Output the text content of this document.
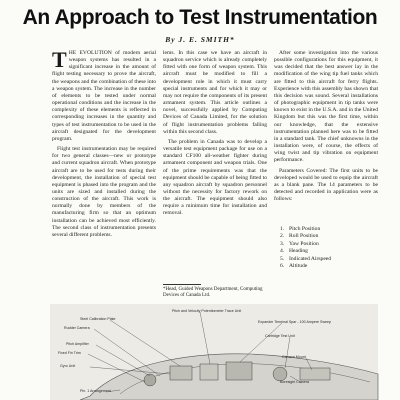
An Approach to Test Instrumentation
By J. E. SMITH*

THE EVOLUTION of modern aerial weapon systems has resulted in a significant increase in the amount of flight testing necessary to prove the aircraft, the weapons and the combination of these into a weapon system. The increase in the number of elements to be tested under normal operational conditions and the increase in the complexity of these elements is reflected in corresponding increases in the quantity and types of test instrumentation to be used in the aircraft designated for the development program.

Flight test instrumentation may be required for two general classes—new or prototype and current squadron aircraft. When prototype aircraft are to be used for tests during their development, the installation of special test equipment is phased into the program and the units are sized and installed during the construction of the aircraft. This work is normally done by members of the manufacturing firm so that an optimum installation can be achieved most efficiently. The second class of instrumentation presents several different problems.

lems. In this case we have an aircraft in squadron service which is already completely fitted with one form of weapon system. This aircraft must be modified to fill a development role in which it must carry special instruments and for which it may or may not require the components of its present armament system. This article outlines a novel, successfully applied by Computing Devices of Canada Limited, for the solution of flight instrumentation problems falling within this second class.

The problem in Canada was to develop a versatile test equipment package for use on a standard CF100 all-weather fighter during armament component and weapon trials. One of the prime requirements was that the equipment should be capable of being fitted to any squadron aircraft by squadron personnel without the necessity for factory rework on the aircraft. The equipment should also require a minimum time for installation and removal.

*Head, Guided Weapons Department, Computing Devices of Canada Ltd.

After some investigation into the various possible configurations for this equipment, it was decided that the best answer lay in the modification of the wing tip fuel tanks which are fitted to this aircraft for ferry flights. Experience with this assembly has shown that this decision was sound. Several installations of photographic equipment in tip tanks were known to exist in the U.S.A. and in the United Kingdom but this was the first time, within our knowledge, that the extensive instrumentation planned here was to be fitted in a standard tank. The chief unknowns in the installation were, of course, the effects of wing twist and tip vibration on equipment performance.

Parameters Covered: The first units to be developed would be used to equip the aircraft as a blank pane. The 14 parameters to be detected and recorded in application were as follows:

1. Pitch Position
2. Roll Position
3. Yaw Position
4. Heading
5. Indicated Airspeed
6. Altitude
Pitch and Velocity Potentiometer Trace Unit
Expander Terminal Spar - 100 Ampere Sweep
Steel Calibration Plate
Rudder Camera
Cartridge Test Unit
Pitch Amplifier
Fixed Fin Trim
Camera Mount
Gyro Unit
Boresight Camera
Pin. 1 Arrangement
